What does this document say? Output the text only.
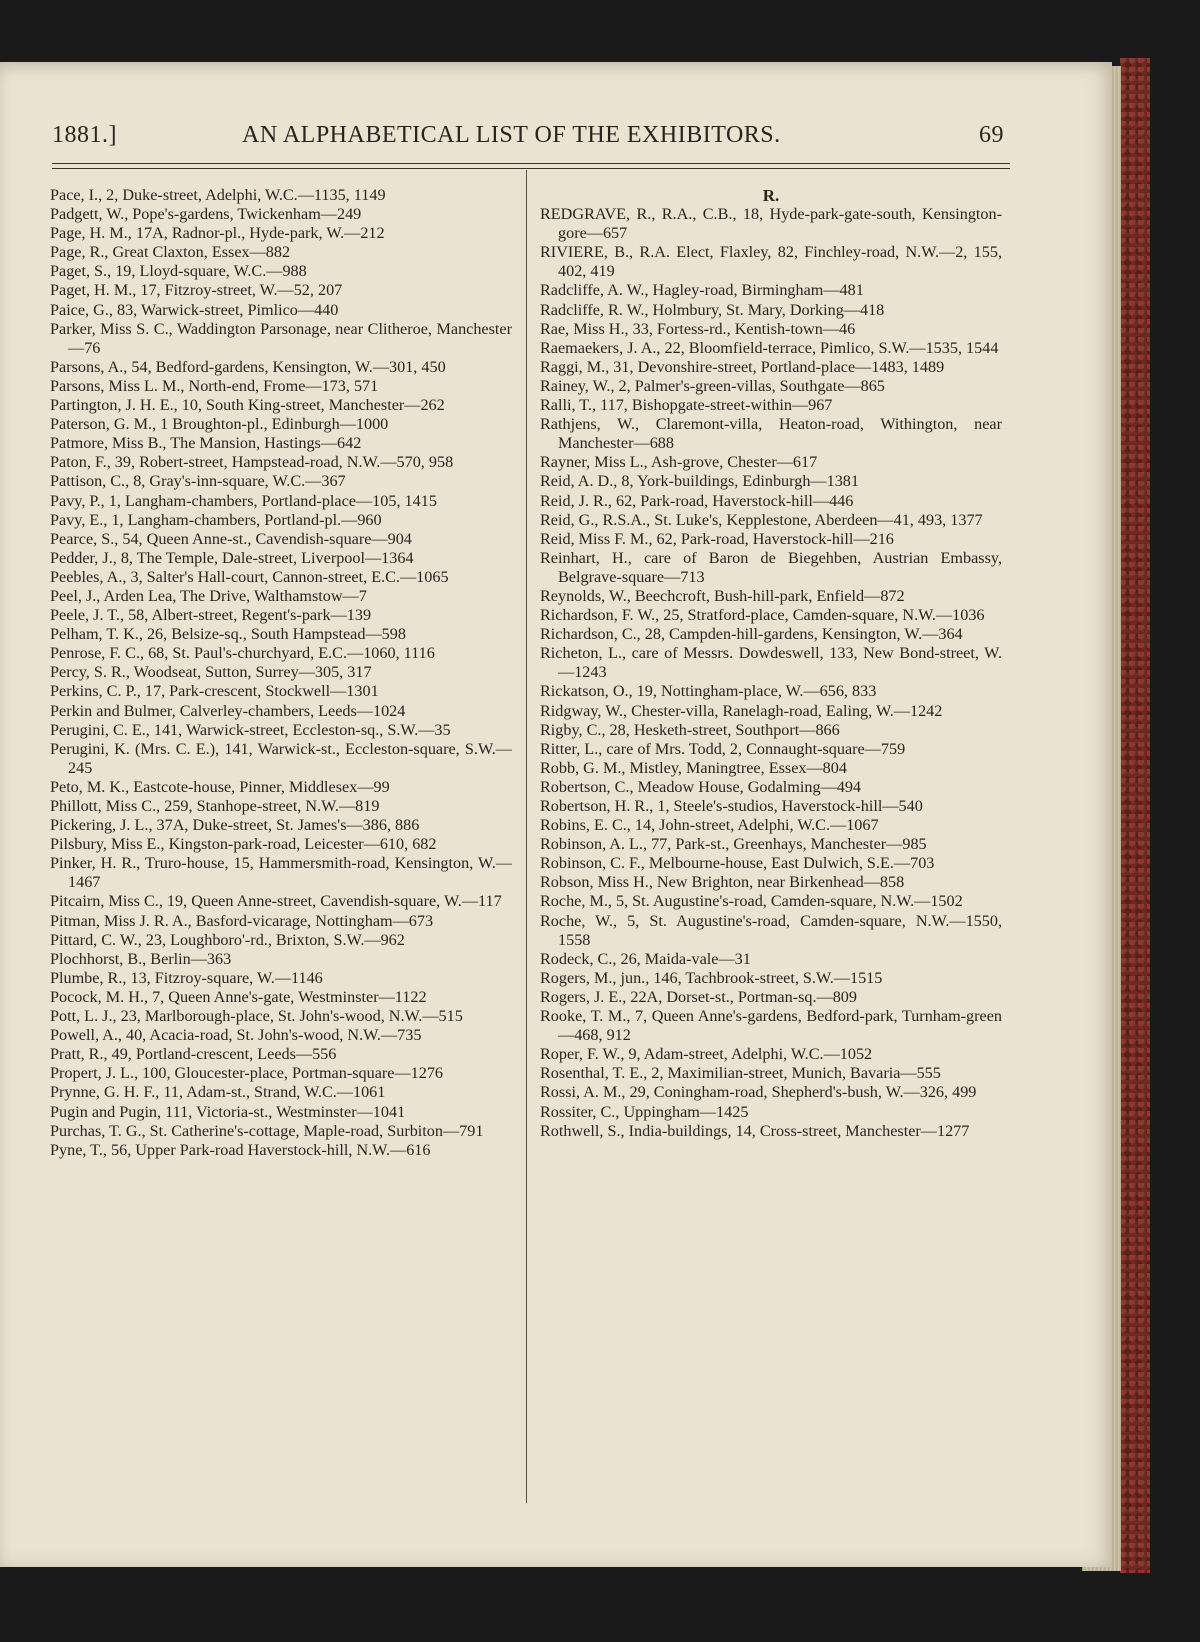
1881.]	AN ALPHABETICAL LIST OF THE EXHIBITORS.	69
Pace, I., 2, Duke-street, Adelphi, W.C.—1135, 1149
Padgett, W., Pope's-gardens, Twickenham—249
Page, H. M., 17A, Radnor-pl., Hyde-park, W.—212
Page, R., Great Claxton, Essex—882
Paget, S., 19, Lloyd-square, W.C.—988
Paget, H. M., 17, Fitzroy-street, W.—52, 207
Paice, G., 83, Warwick-street, Pimlico—440
Parker, Miss S. C., Waddington Parsonage, near Clitheroe, Manchester—76
Parsons, A., 54, Bedford-gardens, Kensington, W.—301, 450
Parsons, Miss L. M., North-end, Frome—173, 571
Partington, J. H. E., 10, South King-street, Manchester—262
Paterson, G. M., 1 Broughton-pl., Edinburgh—1000
Patmore, Miss B., The Mansion, Hastings—642
Paton, F., 39, Robert-street, Hampstead-road, N.W.—570, 958
Pattison, C., 8, Gray's-inn-square, W.C.—367
Pavy, P., 1, Langham-chambers, Portland-place—105, 1415
Pavy, E., 1, Langham-chambers, Portland-pl.—960
Pearce, S., 54, Queen Anne-st., Cavendish-square—904
Pedder, J., 8, The Temple, Dale-street, Liverpool—1364
Peebles, A., 3, Salter's Hall-court, Cannon-street, E.C.—1065
Peel, J., Arden Lea, The Drive, Walthamstow—7
Peele, J. T., 58, Albert-street, Regent's-park—139
Pelham, T. K., 26, Belsize-sq., South Hampstead—598
Penrose, F. C., 68, St. Paul's-churchyard, E.C.—1060, 1116
Percy, S. R., Woodseat, Sutton, Surrey—305, 317
Perkins, C. P., 17, Park-crescent, Stockwell—1301
Perkin and Bulmer, Calverley-chambers, Leeds—1024
Perugini, C. E., 141, Warwick-street, Eccleston-sq., S.W.—35
Perugini, K. (Mrs. C. E.), 141, Warwick-st., Eccleston-square, S.W.—245
Peto, M. K., Eastcote-house, Pinner, Middlesex—99
Phillott, Miss C., 259, Stanhope-street, N.W.—819
Pickering, J. L., 37A, Duke-street, St. James's—386, 886
Pilsbury, Miss E., Kingston-park-road, Leicester—610, 682
Pinker, H. R., Truro-house, 15, Hammersmith-road, Kensington, W.—1467
Pitcairn, Miss C., 19, Queen Anne-street, Cavendish-square, W.—117
Pitman, Miss J. R. A., Basford-vicarage, Nottingham—673
Pittard, C. W., 23, Loughboro'-rd., Brixton, S.W.—962
Plochhorst, B., Berlin—363
Plumbe, R., 13, Fitzroy-square, W.—1146
Pocock, M. H., 7, Queen Anne's-gate, Westminster—1122
Pott, L. J., 23, Marlborough-place, St. John's-wood, N.W.—515
Powell, A., 40, Acacia-road, St. John's-wood, N.W.—735
Pratt, R., 49, Portland-crescent, Leeds—556
Propert, J. L., 100, Gloucester-place, Portman-square—1276
Prynne, G. H. F., 11, Adam-st., Strand, W.C.—1061
Pugin and Pugin, 111, Victoria-st., Westminster—1041
Purchas, T. G., St. Catherine's-cottage, Maple-road, Surbiton—791
Pyne, T., 56, Upper Park-road Haverstock-hill, N.W.—616
R.
REDGRAVE, R., R.A., C.B., 18, Hyde-park-gate-south, Kensington-gore—657
RIVIERE, B., R.A. Elect, Flaxley, 82, Finchley-road, N.W.—2, 155, 402, 419
Radcliffe, A. W., Hagley-road, Birmingham—481
Radcliffe, R. W., Holmbury, St. Mary, Dorking—418
Rae, Miss H., 33, Fortess-rd., Kentish-town—46
Raemaekers, J. A., 22, Bloomfield-terrace, Pimlico, S.W.—1535, 1544
Raggi, M., 31, Devonshire-street, Portland-place—1483, 1489
Rainey, W., 2, Palmer's-green-villas, Southgate—865
Ralli, T., 117, Bishopgate-street-within—967
Rathjens, W., Claremont-villa, Heaton-road, Withington, near Manchester—688
Rayner, Miss L., Ash-grove, Chester—617
Reid, A. D., 8, York-buildings, Edinburgh—1381
Reid, J. R., 62, Park-road, Haverstock-hill—446
Reid, G., R.S.A., St. Luke's, Kepplestone, Aberdeen—41, 493, 1377
Reid, Miss F. M., 62, Park-road, Haverstock-hill—216
Reinhart, H., care of Baron de Biegehben, Austrian Embassy, Belgrave-square—713
Reynolds, W., Beechcroft, Bush-hill-park, Enfield—872
Richardson, F. W., 25, Stratford-place, Camden-square, N.W.—1036
Richardson, C., 28, Campden-hill-gardens, Kensington, W.—364
Richeton, L., care of Messrs. Dowdeswell, 133, New Bond-street, W.—1243
Rickatson, O., 19, Nottingham-place, W.—656, 833
Ridgway, W., Chester-villa, Ranelagh-road, Ealing, W.—1242
Rigby, C., 28, Hesketh-street, Southport—866
Ritter, L., care of Mrs. Todd, 2, Connaught-square—759
Robb, G. M., Mistley, Maningtree, Essex—804
Robertson, C., Meadow House, Godalming—494
Robertson, H. R., 1, Steele's-studios, Haverstock-hill—540
Robins, E. C., 14, John-street, Adelphi, W.C.—1067
Robinson, A. L., 77, Park-st., Greenhays, Manchester—985
Robinson, C. F., Melbourne-house, East Dulwich, S.E.—703
Robson, Miss H., New Brighton, near Birkenhead—858
Roche, M., 5, St. Augustine's-road, Camden-square, N.W.—1502
Roche, W., 5, St. Augustine's-road, Camden-square, N.W.—1550, 1558
Rodeck, C., 26, Maida-vale—31
Rogers, M., jun., 146, Tachbrook-street, S.W.—1515
Rogers, J. E., 22A, Dorset-st., Portman-sq.—809
Rooke, T. M., 7, Queen Anne's-gardens, Bedford-park, Turnham-green—468, 912
Roper, F. W., 9, Adam-street, Adelphi, W.C.—1052
Rosenthal, T. E., 2, Maximilian-street, Munich, Bavaria—555
Rossi, A. M., 29, Coningham-road, Shepherd's-bush, W.—326, 499
Rossiter, C., Uppingham—1425
Rothwell, S., India-buildings, 14, Cross-street, Manchester—1277
